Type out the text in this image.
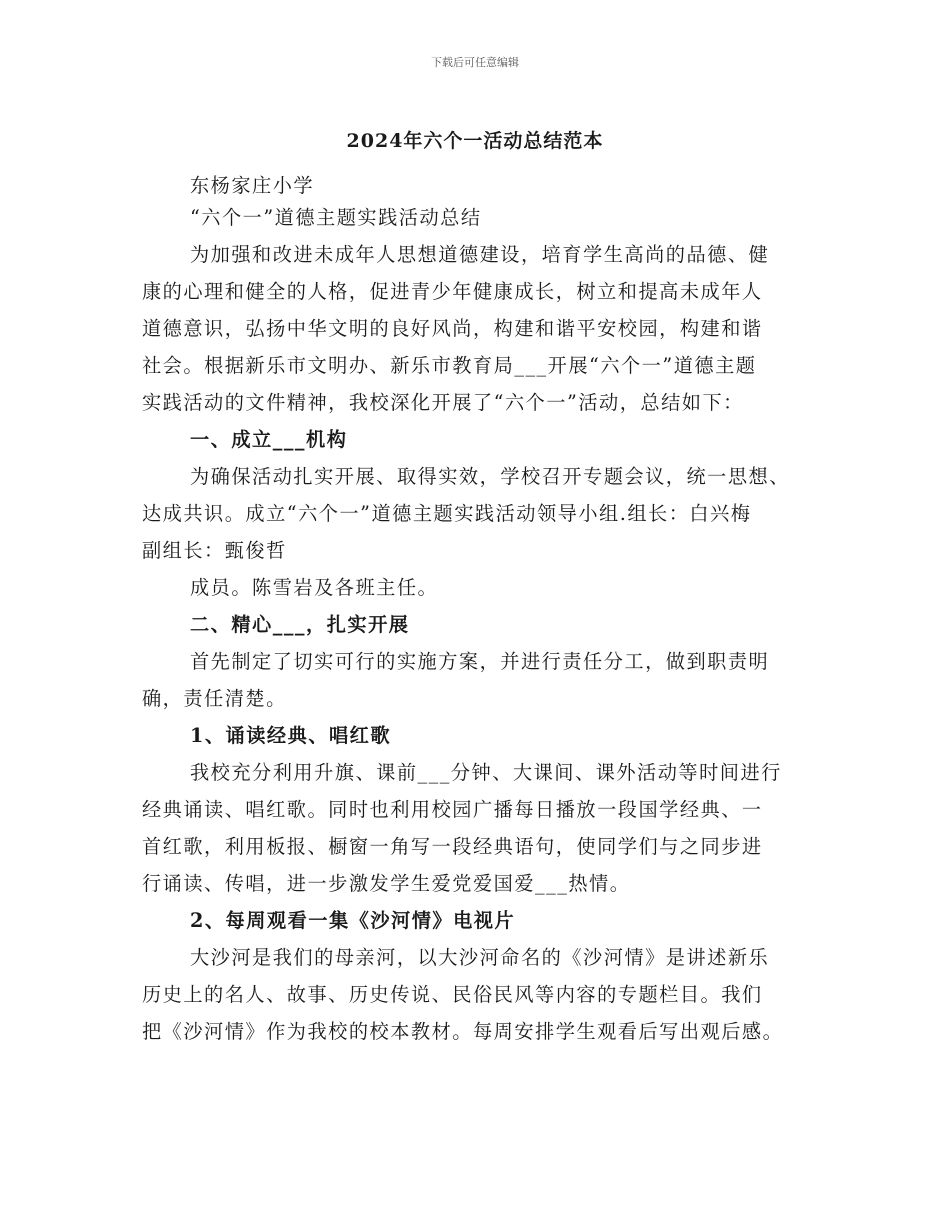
下载后可任意编辑
2024年六个一活动总结范本

东杨家庄小学

“六个一”道德主题实践活动总结

为加强和改进未成年人思想道德建设，培育学生高尚的品德、健

康的心理和健全的人格，促进青少年健康成长，树立和提高未成年人

道德意识，弘扬中华文明的良好风尚，构建和谐平安校园，构建和谐

社会。根据新乐市文明办、新乐市教育局___开展“六个一”道德主题

实践活动的文件精神，我校深化开展了“六个一”活动，总结如下：

一、成立___机构

为确保活动扎实开展、取得实效，学校召开专题会议，统一思想、

达成共识。成立“六个一”道德主题实践活动领导小组.组长：白兴梅

副组长：甄俊哲

成员。陈雪岩及各班主任。

二、精心___，扎实开展

首先制定了切实可行的实施方案，并进行责任分工，做到职责明

确，责任清楚。

1、诵读经典、唱红歌

我校充分利用升旗、课前___分钟、大课间、课外活动等时间进行

经典诵读、唱红歌。同时也利用校园广播每日播放一段国学经典、一

首红歌，利用板报、橱窗一角写一段经典语句，使同学们与之同步进

行诵读、传唱，进一步激发学生爱党爱国爱___热情。

2、每周观看一集《沙河情》电视片

大沙河是我们的母亲河，以大沙河命名的《沙河情》是讲述新乐

历史上的名人、故事、历史传说、民俗民风等内容的专题栏目。我们

把《沙河情》作为我校的校本教材。每周安排学生观看后写出观后感。
